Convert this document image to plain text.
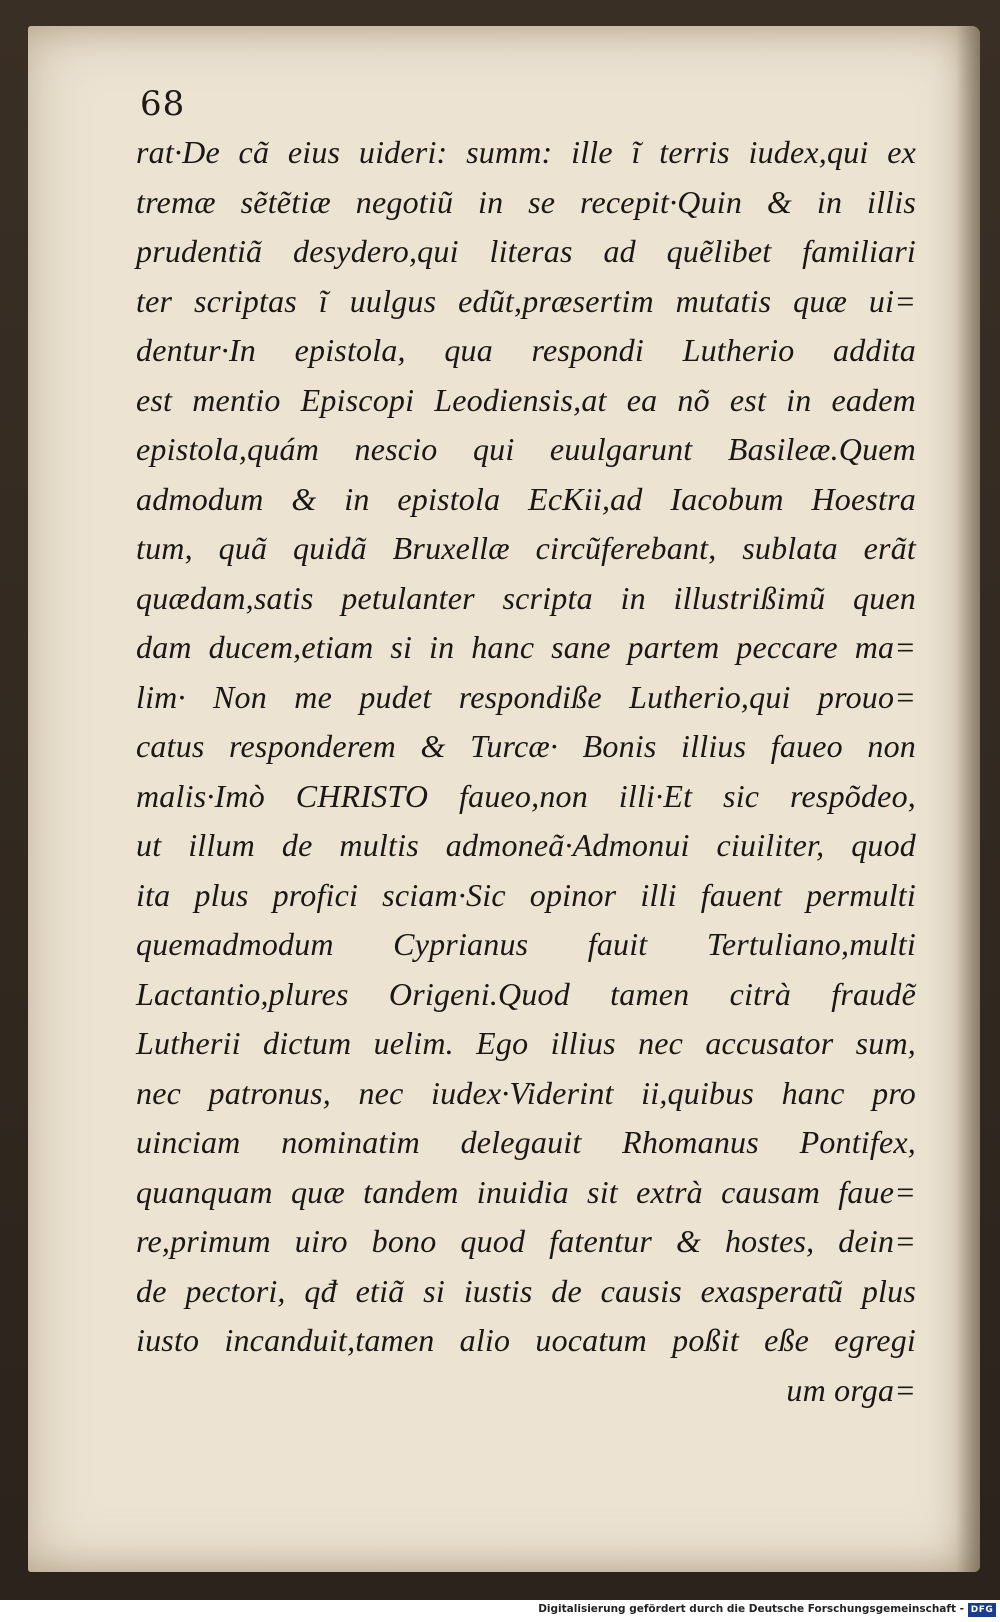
68
rat·De cã eius uideri: summ: ille ĩ terris iudex,qui ex
tremæ sẽtẽtiæ negotiũ in se recepit·Quin & in illis
prudentiã desydero,qui literas ad quẽlibet familiari
ter scriptas ĩ uulgus edũt,præsertim mutatis quæ ui=
dentur·In epistola, qua respondi Lutherio addita
est mentio Episcopi Leodiensis,at ea nõ est in eadem
epistola,quám nescio qui euulgarunt Basileæ.Quem
admodum & in epistola EcKii,ad Iacobum Hoestra
tum, quã quidã Bruxellæ circũferebant, sublata erãt
quædam,satis petulanter scripta in illustrißimũ quen
dam ducem,etiam si in hanc sane partem peccare ma=
lim· Non me pudet respondiße Lutherio,qui prouo=
catus responderem & Turcæ· Bonis illius faueo non
malis·Imò CHRISTO faueo,non illi·Et sic respõdeo,
ut illum de multis admoneã·Admonui ciuiliter, quod
ita plus profici sciam·Sic opinor illi fauent permulti
quemadmodum Cyprianus fauit Tertuliano,multi
Lactantio,plures Origeni.Quod tamen citrà fraudẽ
Lutherii dictum uelim. Ego illius nec accusator sum,
nec patronus, nec iudex·Viderint ii,quibus hanc pro
uinciam nominatim delegauit Rhomanus Pontifex,
quanquam quæ tandem inuidia sit extrà causam faue=
re,primum uiro bono quod fatentur & hostes, dein=
de pectori, qđ etiã si iustis de causis exasperatũ plus
iusto incanduit,tamen alio uocatum poßit eße egregi
um orga=
Digitalisierung gefördert durch die Deutsche Forschungsgemeinschaft - DFG
